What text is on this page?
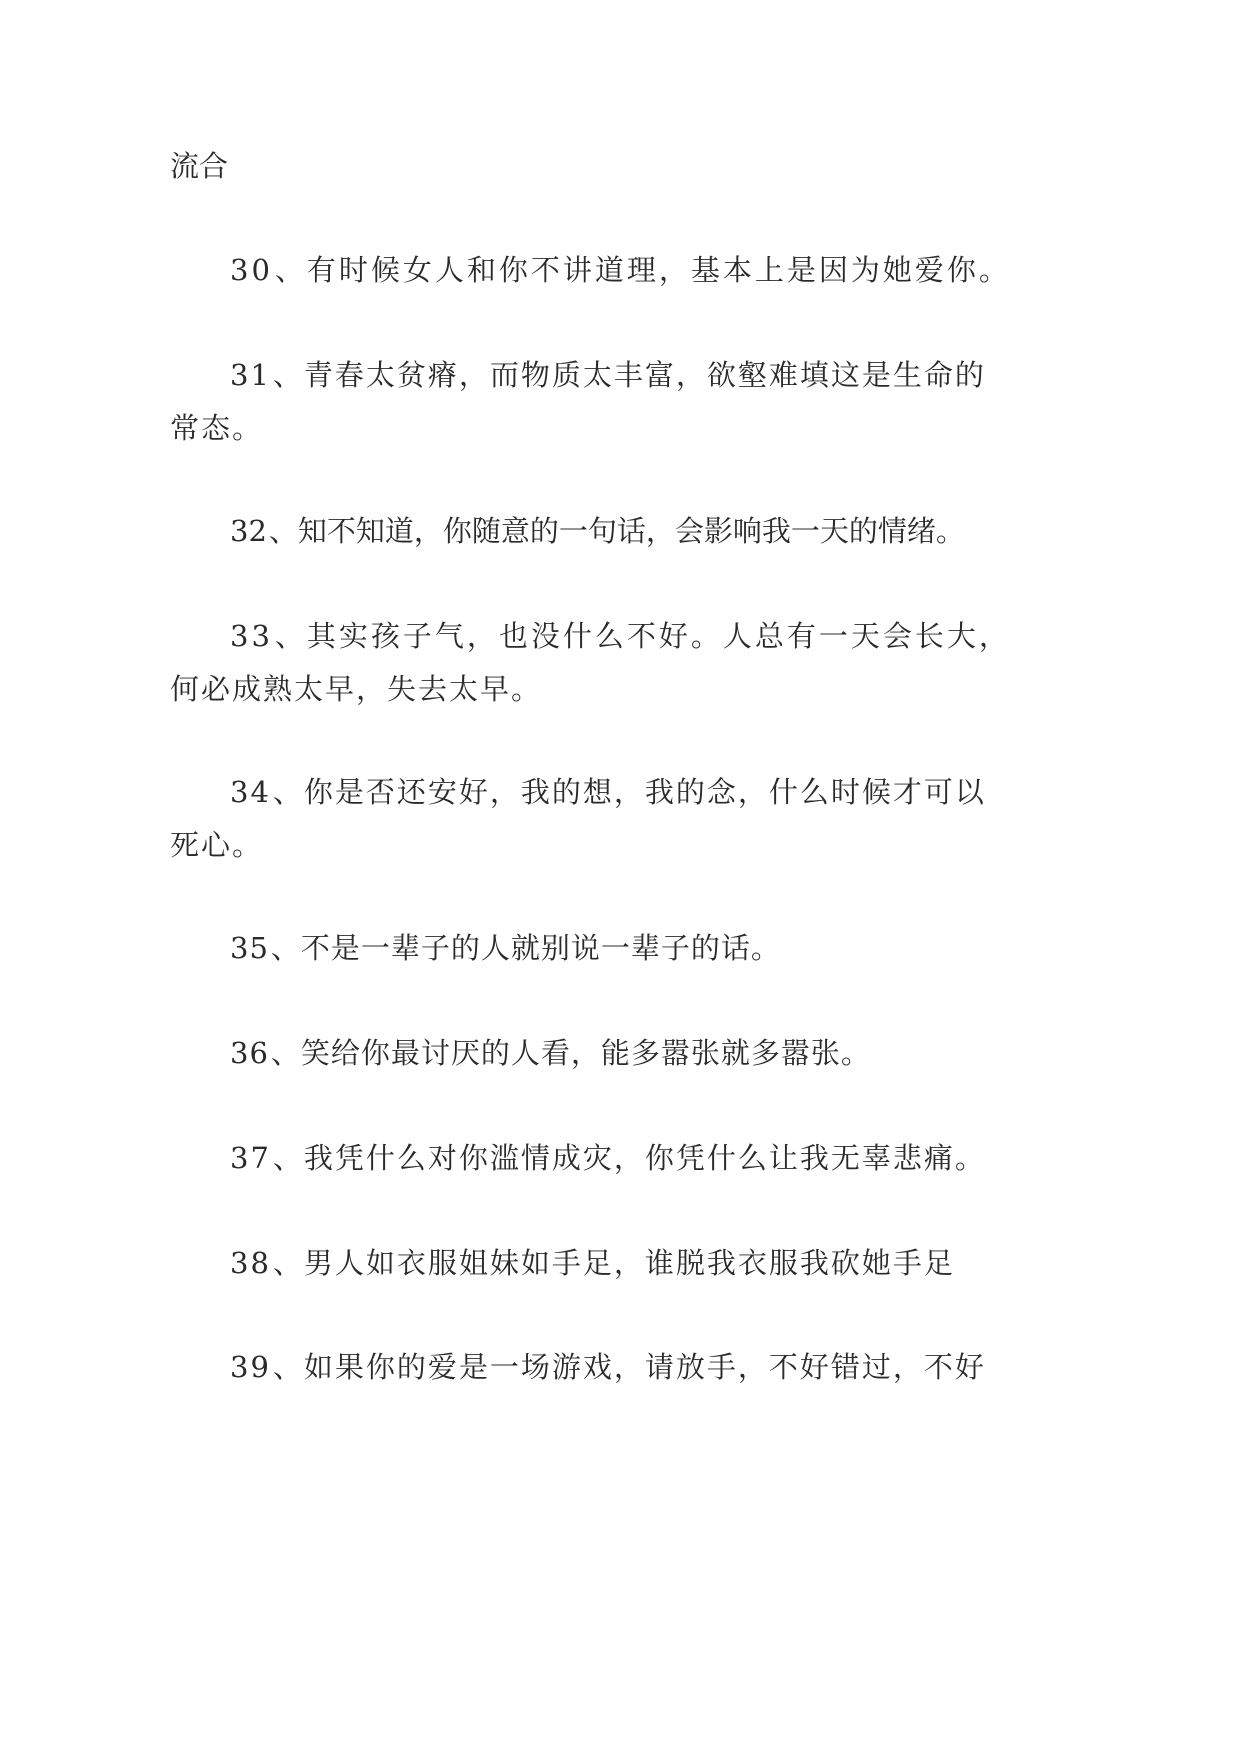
流合
30、有时候女人和你不讲道理，基本上是因为她爱你。
31、青春太贫瘠，而物质太丰富，欲壑难填这是生命的
常态。
32、知不知道，你随意的一句话，会影响我一天的情绪。
33、其实孩子气，也没什么不好。人总有一天会长大，
何必成熟太早，失去太早。
34、你是否还安好，我的想，我的念，什么时候才可以
死心。
35、不是一辈子的人就别说一辈子的话。
36、笑给你最讨厌的人看，能多嚣张就多嚣张。
37、我凭什么对你滥情成灾，你凭什么让我无辜悲痛。
38、男人如衣服姐妹如手足，谁脱我衣服我砍她手足
39、如果你的爱是一场游戏，请放手，不好错过，不好
